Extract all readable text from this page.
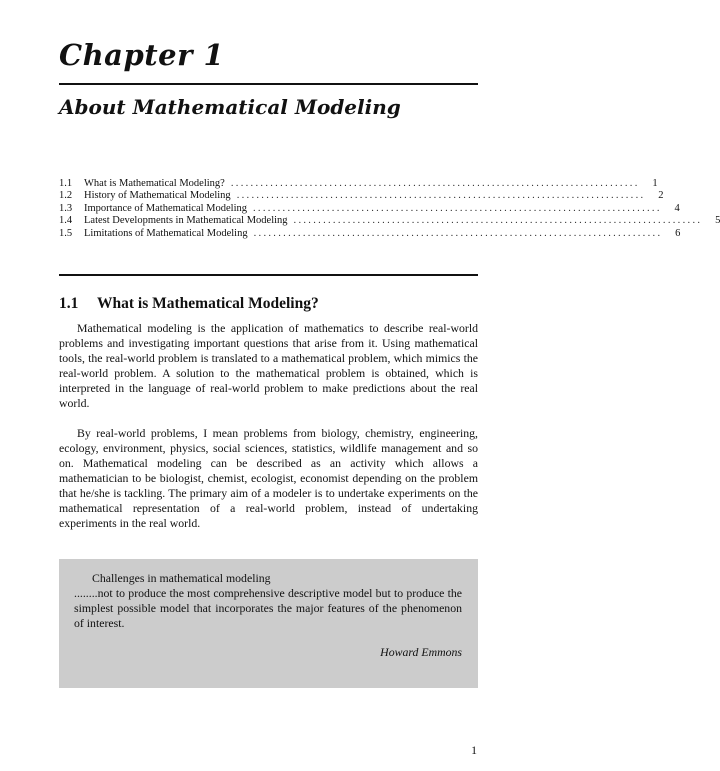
Chapter 1
About Mathematical Modeling
1.1	What is Mathematical Modeling? ...................................................................................	1
1.2	History of Mathematical Modeling ...................................................................................	2
1.3	Importance of Mathematical Modeling ...................................................................................	4
1.4	Latest Developments in Mathematical Modeling ...................................................................................	5
1.5	Limitations of Mathematical Modeling ...................................................................................	6
1.1 What is Mathematical Modeling?

Mathematical modeling is the application of mathematics to describe real-world problems and investigating important questions that arise from it. Using mathematical tools, the real-world problem is translated to a mathematical problem, which mimics the real-world problem. A solution to the mathematical problem is obtained, which is interpreted in the language of real-world problem to make predictions about the real world.

By real-world problems, I mean problems from biology, chemistry, engineering, ecology, environment, physics, social sciences, statistics, wildlife management and so on. Mathematical modeling can be described as an activity which allows a mathematician to be biologist, chemist, ecologist, economist depending on the problem that he/she is tackling. The primary aim of a modeler is to undertake experiments on the mathematical representation of a real-world problem, instead of undertaking experiments in the real world.

Challenges in mathematical modeling

........not to produce the most comprehensive descriptive model but to produce the simplest possible model that incorporates the major features of the phenomenon of interest.

Howard Emmons
1
